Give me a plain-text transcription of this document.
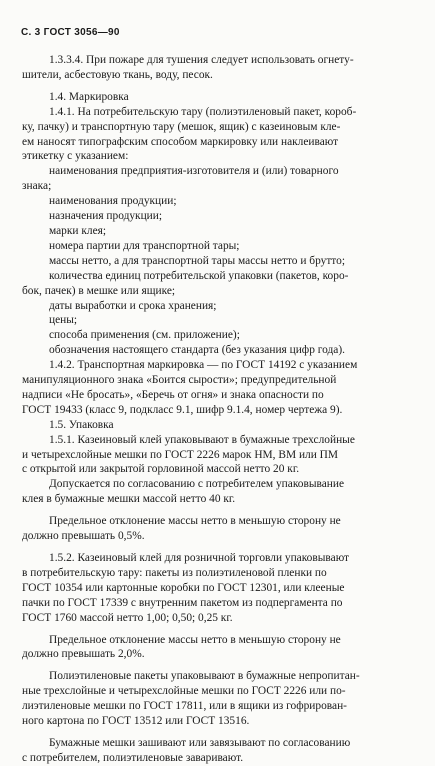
С. 3 ГОСТ 3056—90
1.3.3.4. При пожаре для тушения следует использовать огнету-
шители, асбестовую ткань, воду, песок.
1.4. Маркировка
1.4.1. На потребительскую тару (полиэтиленовый пакет, короб-
ку, пачку) и транспортную тару (мешок, ящик) с казеиновым кле-
ем наносят типографским способом маркировку или наклеивают
этикетку с указанием:
наименования предприятия-изготовителя и (или) товарного
знака;
наименования продукции;
назначения продукции;
марки клея;
номера партии для транспортной тары;
массы нетто, а для транспортной тары массы нетто и брутто;
количества единиц потребительской упаковки (пакетов, коро-
бок, пачек) в мешке или ящике;
даты выработки и срока хранения;
цены;
способа применения (см. приложение);
обозначения настоящего стандарта (без указания цифр года).
1.4.2. Транспортная маркировка — по ГОСТ 14192 с указанием
манипуляционного знака «Боится сырости»; предупредительной
надписи «Не бросать», «Беречь от огня» и знака опасности по
ГОСТ 19433 (класс 9, подкласс 9.1, шифр 9.1.4, номер чертежа 9).
1.5. Упаковка
1.5.1. Казеиновый клей упаковывают в бумажные трехслойные
и четырехслойные мешки по ГОСТ 2226 марок НМ, ВМ или ПМ
с открытой или закрытой горловиной массой нетто 20 кг.
Допускается по согласованию с потребителем упаковывание
клея в бумажные мешки массой нетто 40 кг.
Предельное отклонение массы нетто в меньшую сторону не
должно превышать 0,5%.
1.5.2. Казеиновый клей для розничной торговли упаковывают
в потребительскую тару: пакеты из полиэтиленовой пленки по
ГОСТ 10354 или картонные коробки по ГОСТ 12301, или клееные
пачки по ГОСТ 17339 с внутренним пакетом из подпергамента по
ГОСТ 1760 массой нетто 1,00; 0,50; 0,25 кг.
Предельное отклонение массы нетто в меньшую сторону не
должно превышать 2,0%.
Полиэтиленовые пакеты упаковывают в бумажные непропитан-
ные трехслойные и четырехслойные мешки по ГОСТ 2226 или по-
лиэтиленовые мешки по ГОСТ 17811, или в ящики из гофрирован-
ного картона по ГОСТ 13512 или ГОСТ 13516.
Бумажные мешки зашивают или завязывают по согласованию
с потребителем, полиэтиленовые заваривают.
